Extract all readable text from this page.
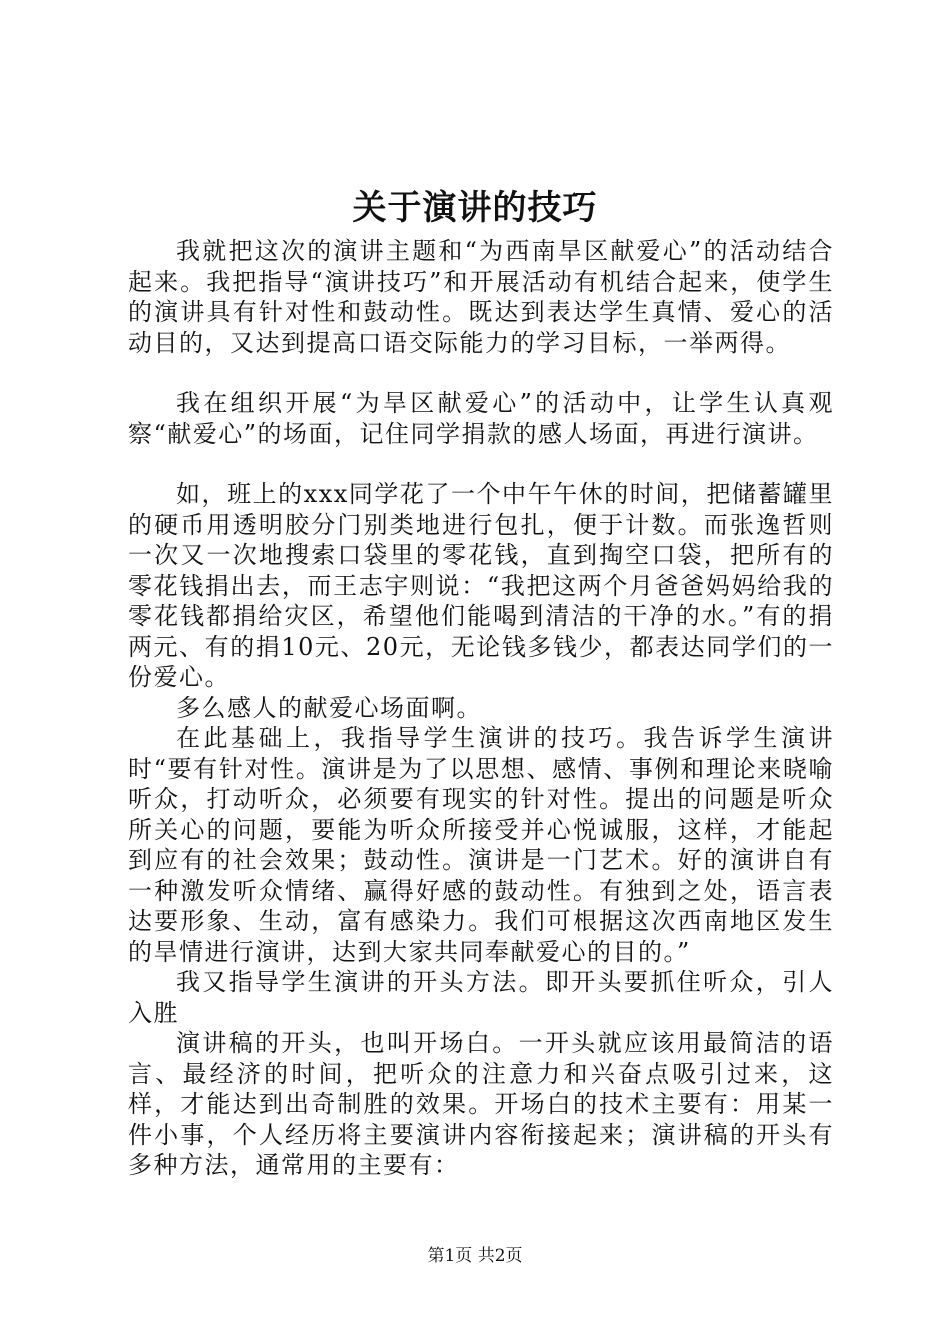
关于演讲的技巧

我就把这次的演讲主题和“为西南旱区献爱心”的活动结合起来。我把指导“演讲技巧”和开展活动有机结合起来，使学生的演讲具有针对性和鼓动性。既达到表达学生真情、爱心的活动目的，又达到提高口语交际能力的学习目标，一举两得。

我在组织开展“为旱区献爱心”的活动中，让学生认真观察“献爱心”的场面，记住同学捐款的感人场面，再进行演讲。

如，班上的xxx同学花了一个中午午休的时间，把储蓄罐里的硬币用透明胶分门别类地进行包扎，便于计数。而张逸哲则一次又一次地搜索口袋里的零花钱，直到掏空口袋，把所有的零花钱捐出去，而王志宇则说：“我把这两个月爸爸妈妈给我的零花钱都捐给灾区，希望他们能喝到清洁的干净的水。”有的捐两元、有的捐10元、20元，无论钱多钱少，都表达同学们的一份爱心。

多么感人的献爱心场面啊。

在此基础上，我指导学生演讲的技巧。我告诉学生演讲时“要有针对性。演讲是为了以思想、感情、事例和理论来晓喻听众，打动听众，必须要有现实的针对性。提出的问题是听众所关心的问题，要能为听众所接受并心悦诚服，这样，才能起到应有的社会效果；鼓动性。演讲是一门艺术。好的演讲自有一种激发听众情绪、赢得好感的鼓动性。有独到之处，语言表达要形象、生动，富有感染力。我们可根据这次西南地区发生的旱情进行演讲，达到大家共同奉献爱心的目的。”

我又指导学生演讲的开头方法。即开头要抓住听众，引人入胜

演讲稿的开头，也叫开场白。一开头就应该用最简洁的语言、最经济的时间，把听众的注意力和兴奋点吸引过来，这样，才能达到出奇制胜的效果。开场白的技术主要有：用某一件小事，个人经历将主要演讲内容衔接起来；演讲稿的开头有多种方法，通常用的主要有：

第1页 共2页
